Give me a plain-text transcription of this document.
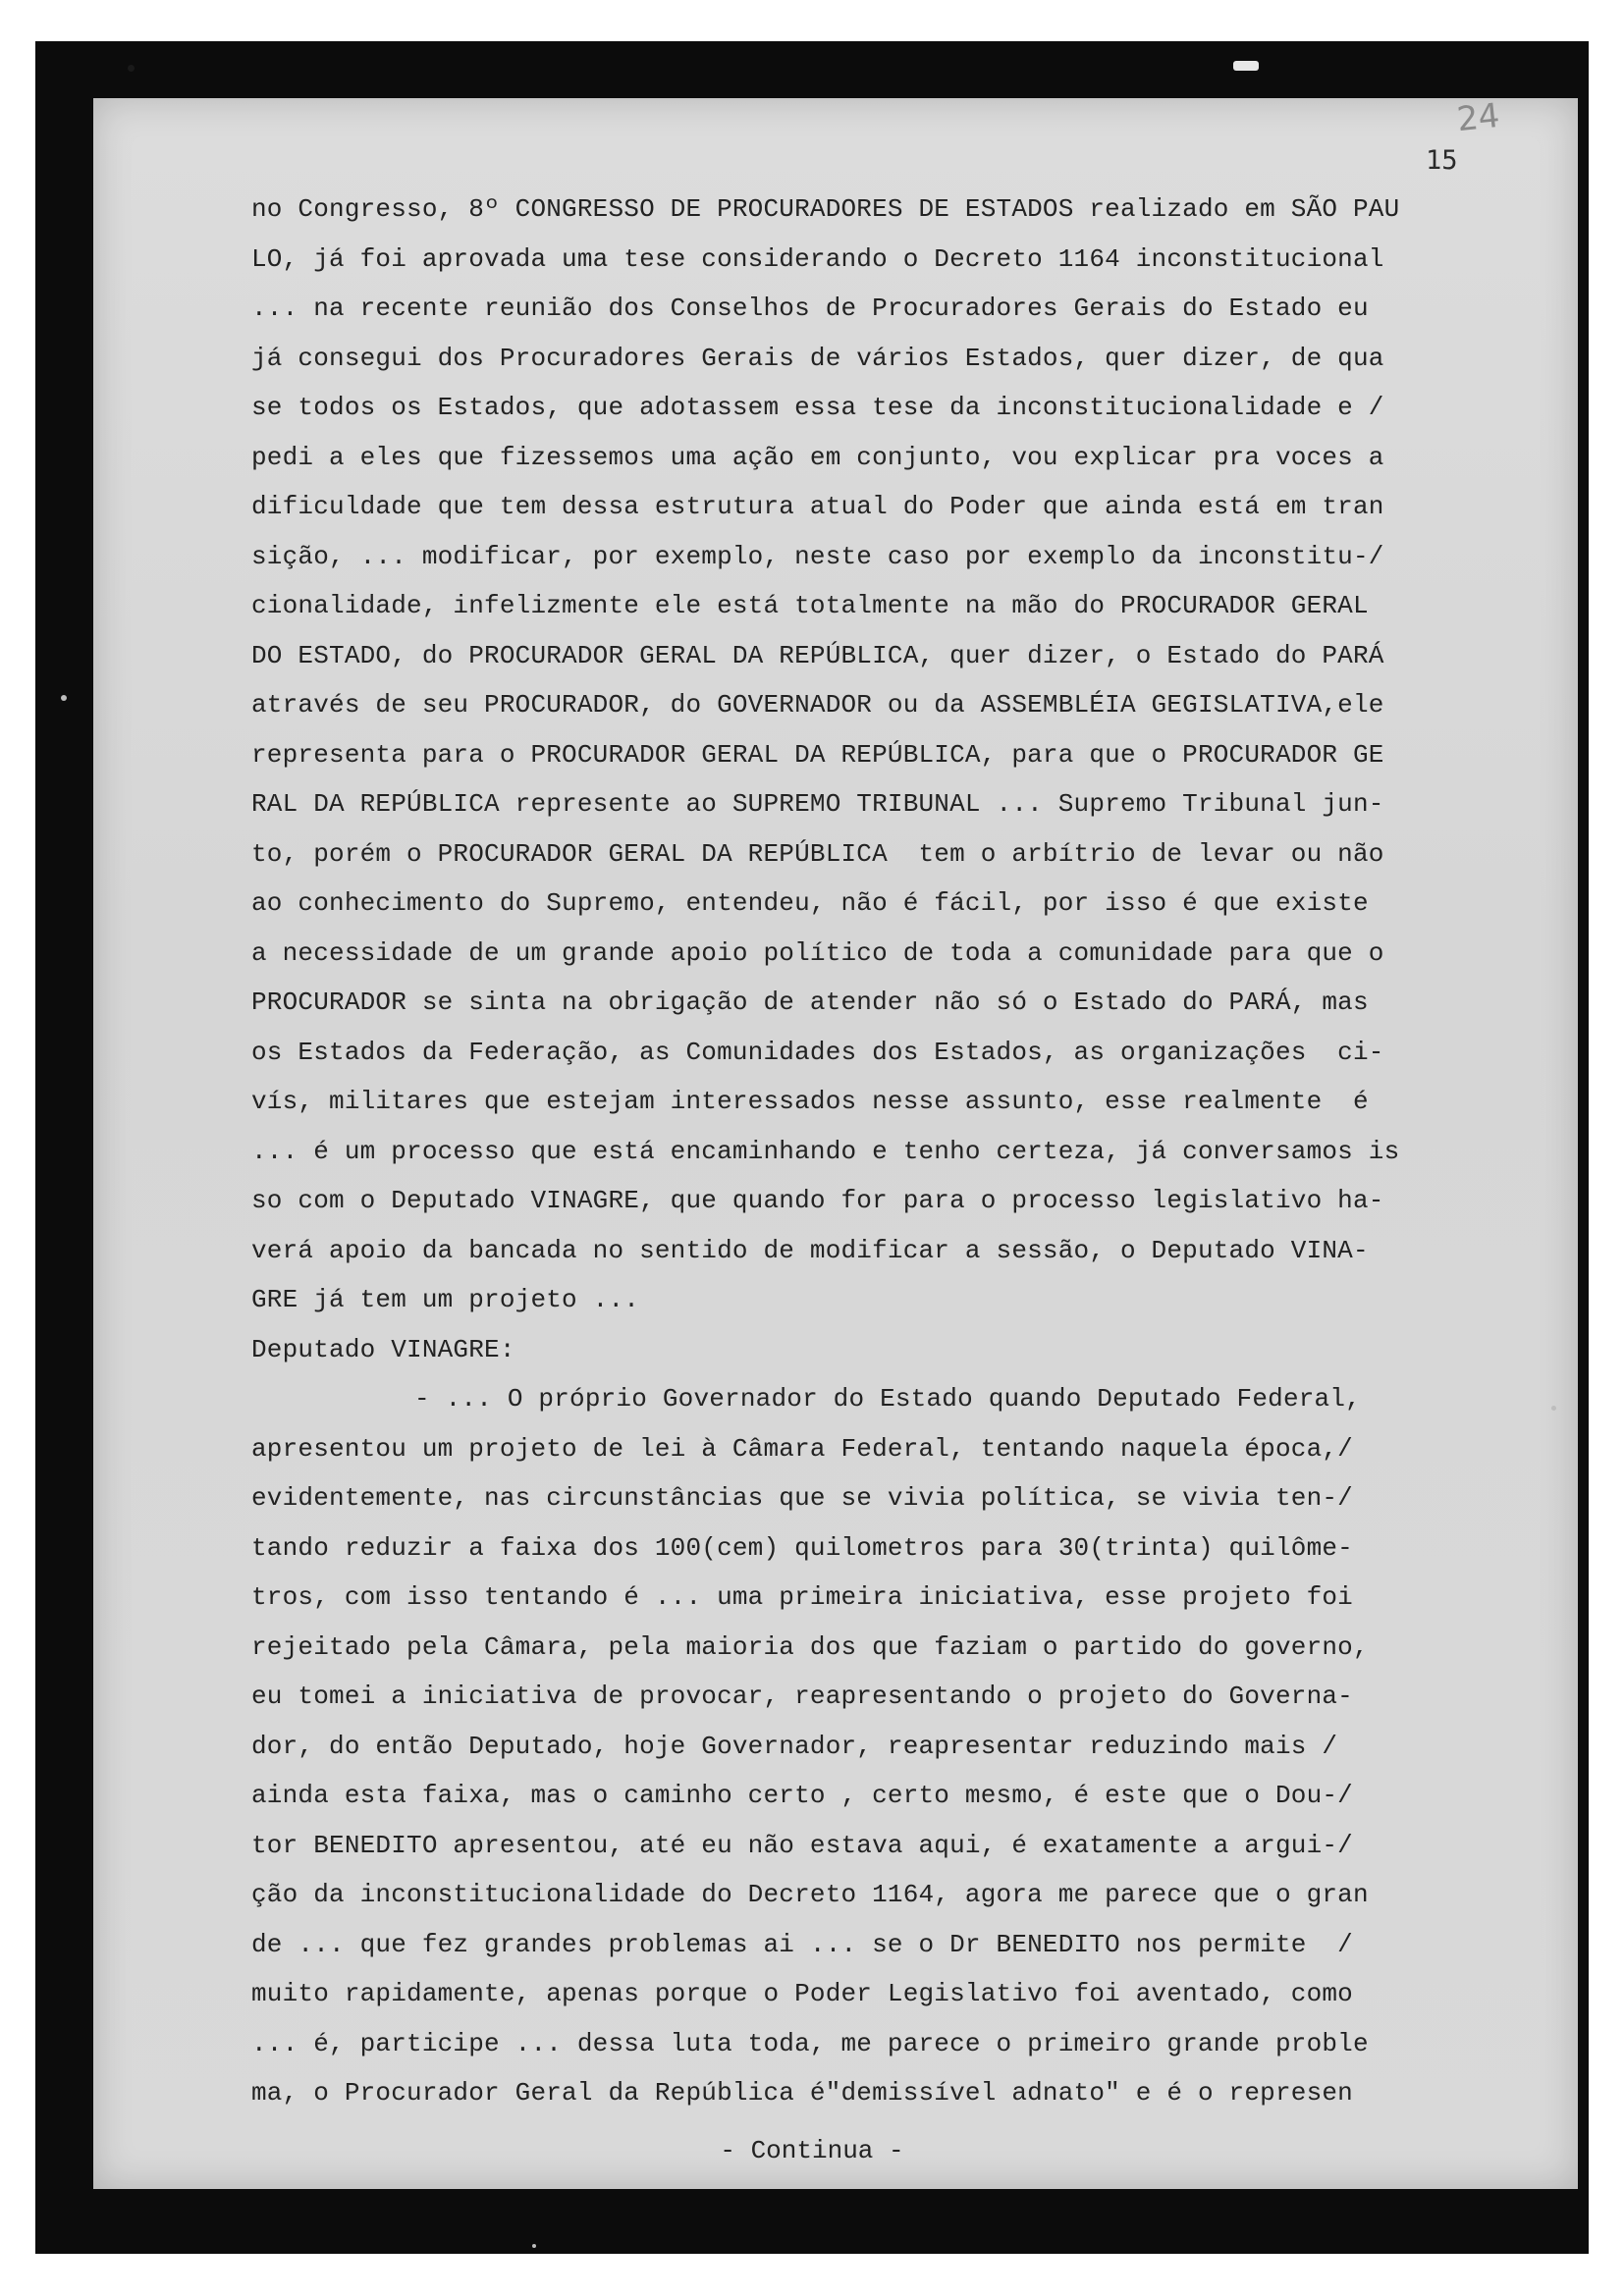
24
15
no Congresso, 8º CONGRESSO DE PROCURADORES DE ESTADOS realizado em SÃO PAU
LO, já foi aprovada uma tese considerando o Decreto 1164 inconstitucional
... na recente reunião dos Conselhos de Procuradores Gerais do Estado eu
já consegui dos Procuradores Gerais de vários Estados, quer dizer, de qua
se todos os Estados, que adotassem essa tese da inconstitucionalidade e /
pedi a eles que fizessemos uma ação em conjunto, vou explicar pra voces a
dificuldade que tem dessa estrutura atual do Poder que ainda está em tran
sição, ... modificar, por exemplo, neste caso por exemplo da inconstitu-/
cionalidade, infelizmente ele está totalmente na mão do PROCURADOR GERAL
DO ESTADO, do PROCURADOR GERAL DA REPÚBLICA, quer dizer, o Estado do PARÁ
através de seu PROCURADOR, do GOVERNADOR ou da ASSEMBLÉIA GEGISLATIVA,ele
representa para o PROCURADOR GERAL DA REPÚBLICA, para que o PROCURADOR GE
RAL DA REPÚBLICA represente ao SUPREMO TRIBUNAL ... Supremo Tribunal jun-
to, porém o PROCURADOR GERAL DA REPÚBLICA  tem o arbítrio de levar ou não
ao conhecimento do Supremo, entendeu, não é fácil, por isso é que existe
a necessidade de um grande apoio político de toda a comunidade para que o
PROCURADOR se sinta na obrigação de atender não só o Estado do PARÁ, mas
os Estados da Federação, as Comunidades dos Estados, as organizações  ci-
vís, militares que estejam interessados nesse assunto, esse realmente  é
... é um processo que está encaminhando e tenho certeza, já conversamos is
so com o Deputado VINAGRE, que quando for para o processo legislativo ha-
verá apoio da bancada no sentido de modificar a sessão, o Deputado VINA-
GRE já tem um projeto ...
Deputado VINAGRE:
- ... O próprio Governador do Estado quando Deputado Federal,
apresentou um projeto de lei à Câmara Federal, tentando naquela época,/
evidentemente, nas circunstâncias que se vivia política, se vivia ten-/
tando reduzir a faixa dos 100(cem) quilometros para 30(trinta) quilôme-
tros, com isso tentando é ... uma primeira iniciativa, esse projeto foi
rejeitado pela Câmara, pela maioria dos que faziam o partido do governo,
eu tomei a iniciativa de provocar, reapresentando o projeto do Governa-
dor, do então Deputado, hoje Governador, reapresentar reduzindo mais /
ainda esta faixa, mas o caminho certo , certo mesmo, é este que o Dou-/
tor BENEDITO apresentou, até eu não estava aqui, é exatamente a argui-/
ção da inconstitucionalidade do Decreto 1164, agora me parece que o gran
de ... que fez grandes problemas ai ... se o Dr BENEDITO nos permite  /
muito rapidamente, apenas porque o Poder Legislativo foi aventado, como
... é, participe ... dessa luta toda, me parece o primeiro grande proble
ma, o Procurador Geral da República é"demissível adnato" e é o represen
- Continua -
